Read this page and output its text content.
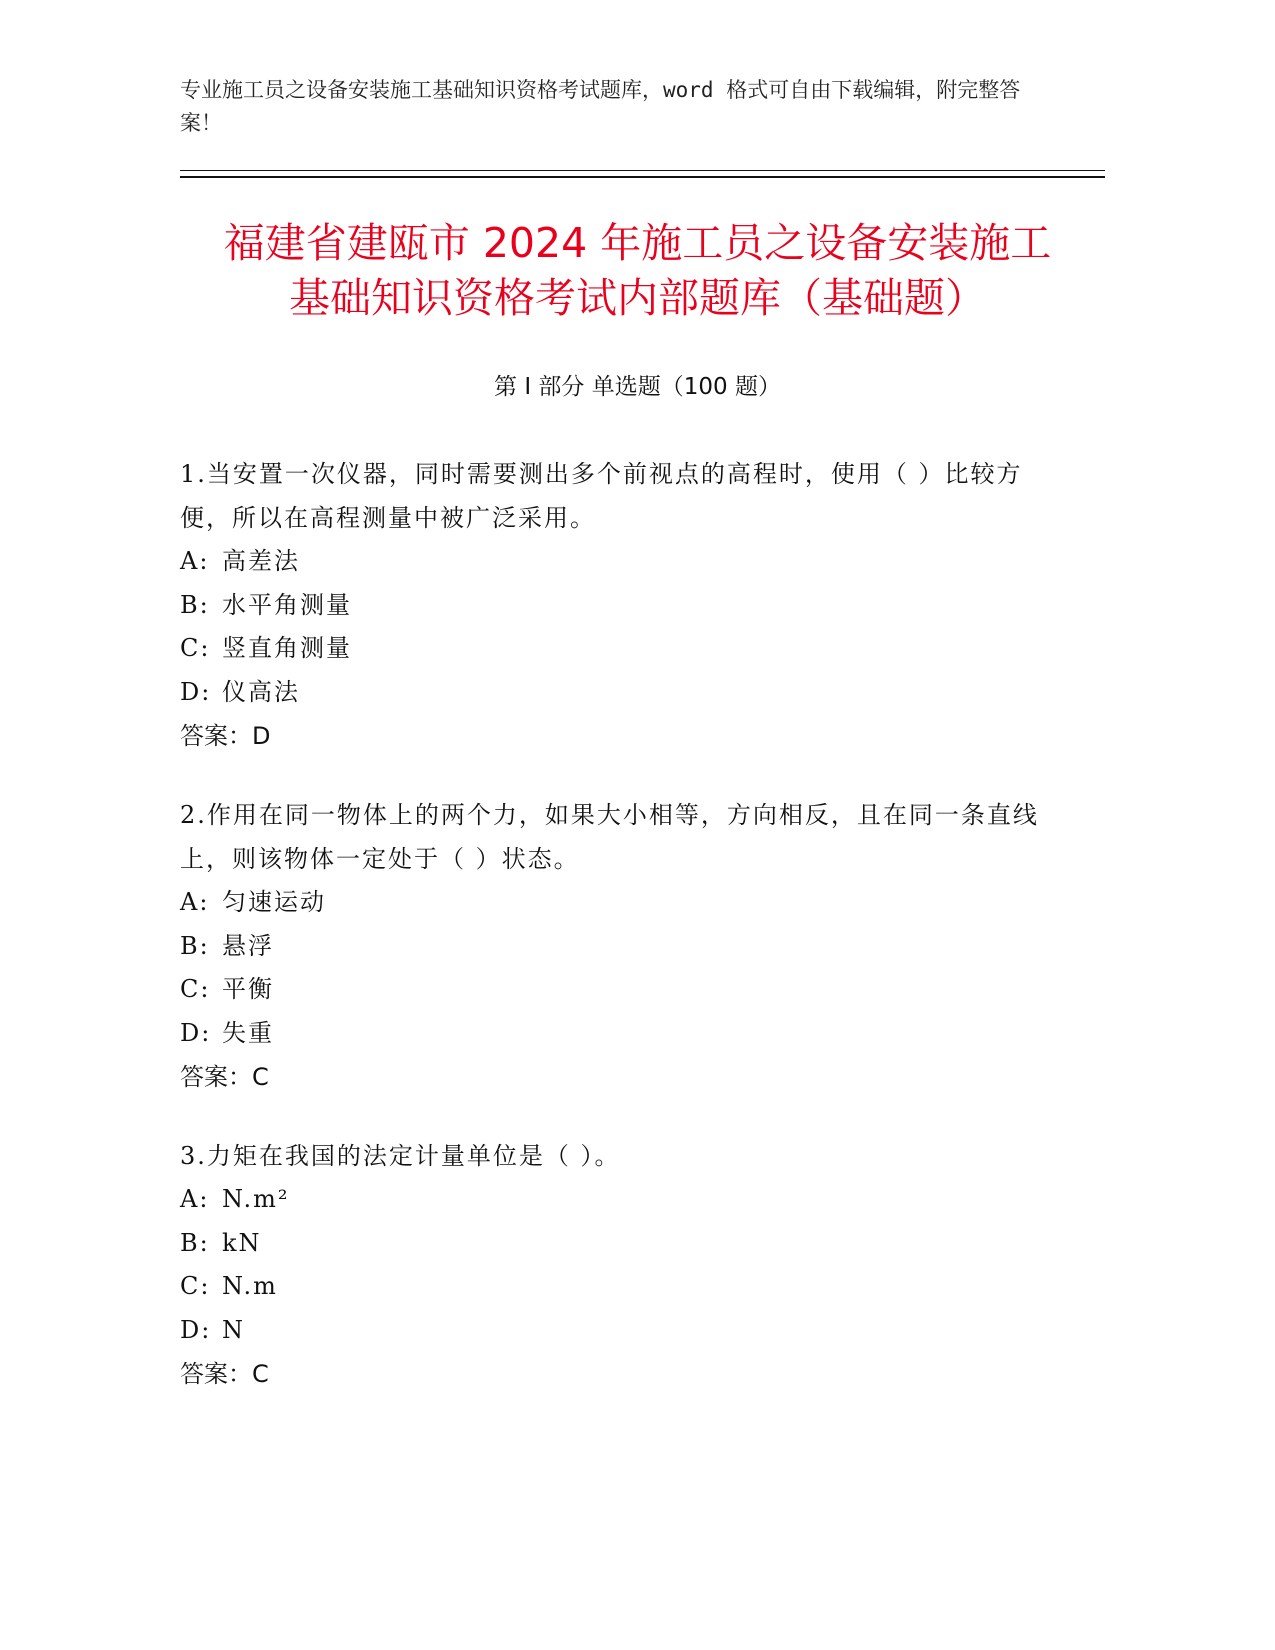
专业施工员之设备安装施工基础知识资格考试题库，word 格式可自由下载编辑，附完整答案！
福建省建瓯市 2024 年施工员之设备安装施工
基础知识资格考试内部题库（基础题）
第 I 部分 单选题（100 题）

1.当安置一次仪器，同时需要测出多个前视点的高程时，使用（ ）比较方便，所以在高程测量中被广泛采用。

A: 高差法
B: 水平角测量
C: 竖直角测量
D: 仪高法
答案：D

2.作用在同一物体上的两个力，如果大小相等，方向相反，且在同一条直线上，则该物体一定处于（ ）状态。

A: 匀速运动
B: 悬浮
C: 平衡
D: 失重
答案：C

3.力矩在我国的法定计量单位是（ ）。

A: N.m²
B: kN
C: N.m
D: N
答案：C
